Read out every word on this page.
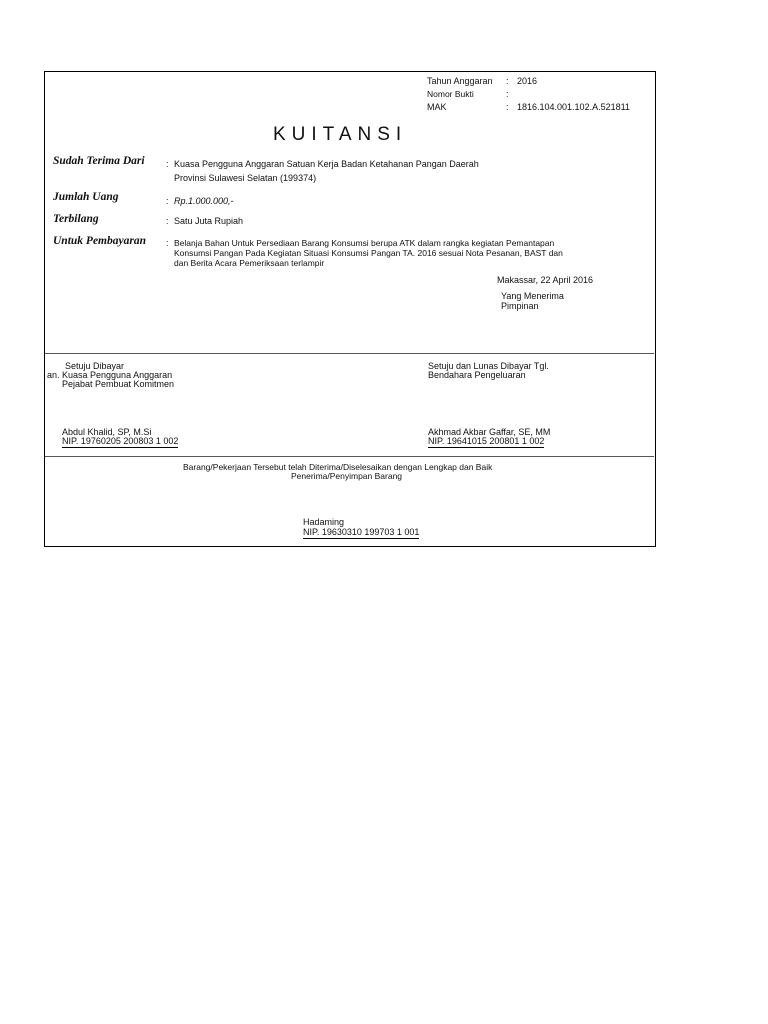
Tahun Anggaran : 2016
Nomor Bukti	:
MAK	: 1816.104.001.102.A.521811
KUITANSI
Sudah Terima Dari : Kuasa Pengguna Anggaran Satuan Kerja Badan Ketahanan Pangan Daerah
Provinsi Sulawesi Selatan (199374)
Jumlah Uang	: Rp.1.000.000,-
Terbilang	: Satu Juta Rupiah
Untuk Pembayaran : Belanja Bahan Untuk Persediaan Barang Konsumsi berupa ATK dalam rangka kegiatan Pemantapan
Konsumsi Pangan Pada Kegiatan Situasi Konsumsi Pangan TA. 2016 sesuai Nota Pesanan, BAST dan
dan Berita Acara Pemeriksaan terlampir
Makassar, 22 April 2016
Yang Menerima
Pimpinan
Setuju Dibayar
an. Kuasa Pengguna Anggaran
Pejabat Pembuat Komitmen
Abdul Khalid, SP, M.Si
NIP. 19760205 200803 1 002
Setuju dan Lunas Dibayar Tgl.
Bendahara Pengeluaran
Akhmad Akbar Gaffar, SE, MM
NIP. 19641015 200801 1 002
Barang/Pekerjaan Tersebut telah Diterima/Diselesaikan dengan Lengkap dan Baik
Penerima/Penyimpan Barang
Hadaming
NIP. 19630310 199703 1 001
